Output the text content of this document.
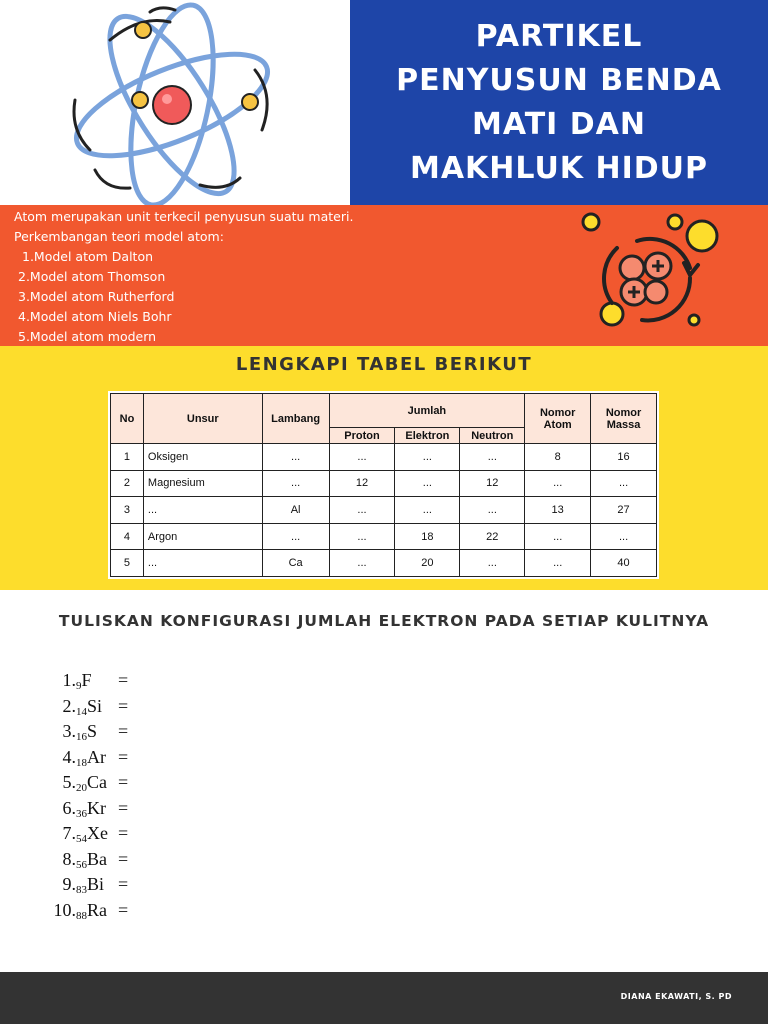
PARTIKEL
PENYUSUN BENDA
MATI DAN
MAKHLUK HIDUP
Atom merupakan unit terkecil penyusun suatu materi.
Perkembangan teori model atom:
1.Model atom Dalton
2.Model atom Thomson
3.Model atom Rutherford
4.Model atom Niels Bohr
5.Model atom modern
LENGKAPI TABEL BERIKUT
No	Unsur	Lambang	Jumlah			Nomor Atom	Nomor Massa
			Proton	Elektron	Neutron		
1	Oksigen	...	...	...	...	8	16
2	Magnesium	...	12	...	12	...	...
3	...	Al	...	...	...	13	27
4	Argon	...	...	18	22	...	...
5	...	Ca	...	20	...	...	40
TULISKAN KONFIGURASI JUMLAH ELEKTRON PADA SETIAP KULITNYA
1. $_9$F =
2. $_{14}$Si =
3. $_{16}$S =
4. $_{18}$Ar =
5. $_{20}$Ca =
6. $_{36}$Kr =
7. $_{54}$Xe =
8. $_{56}$Ba =
9. $_{83}$Bi =
10. $_{88}$Ra =
DIANA EKAWATI, S. PD
